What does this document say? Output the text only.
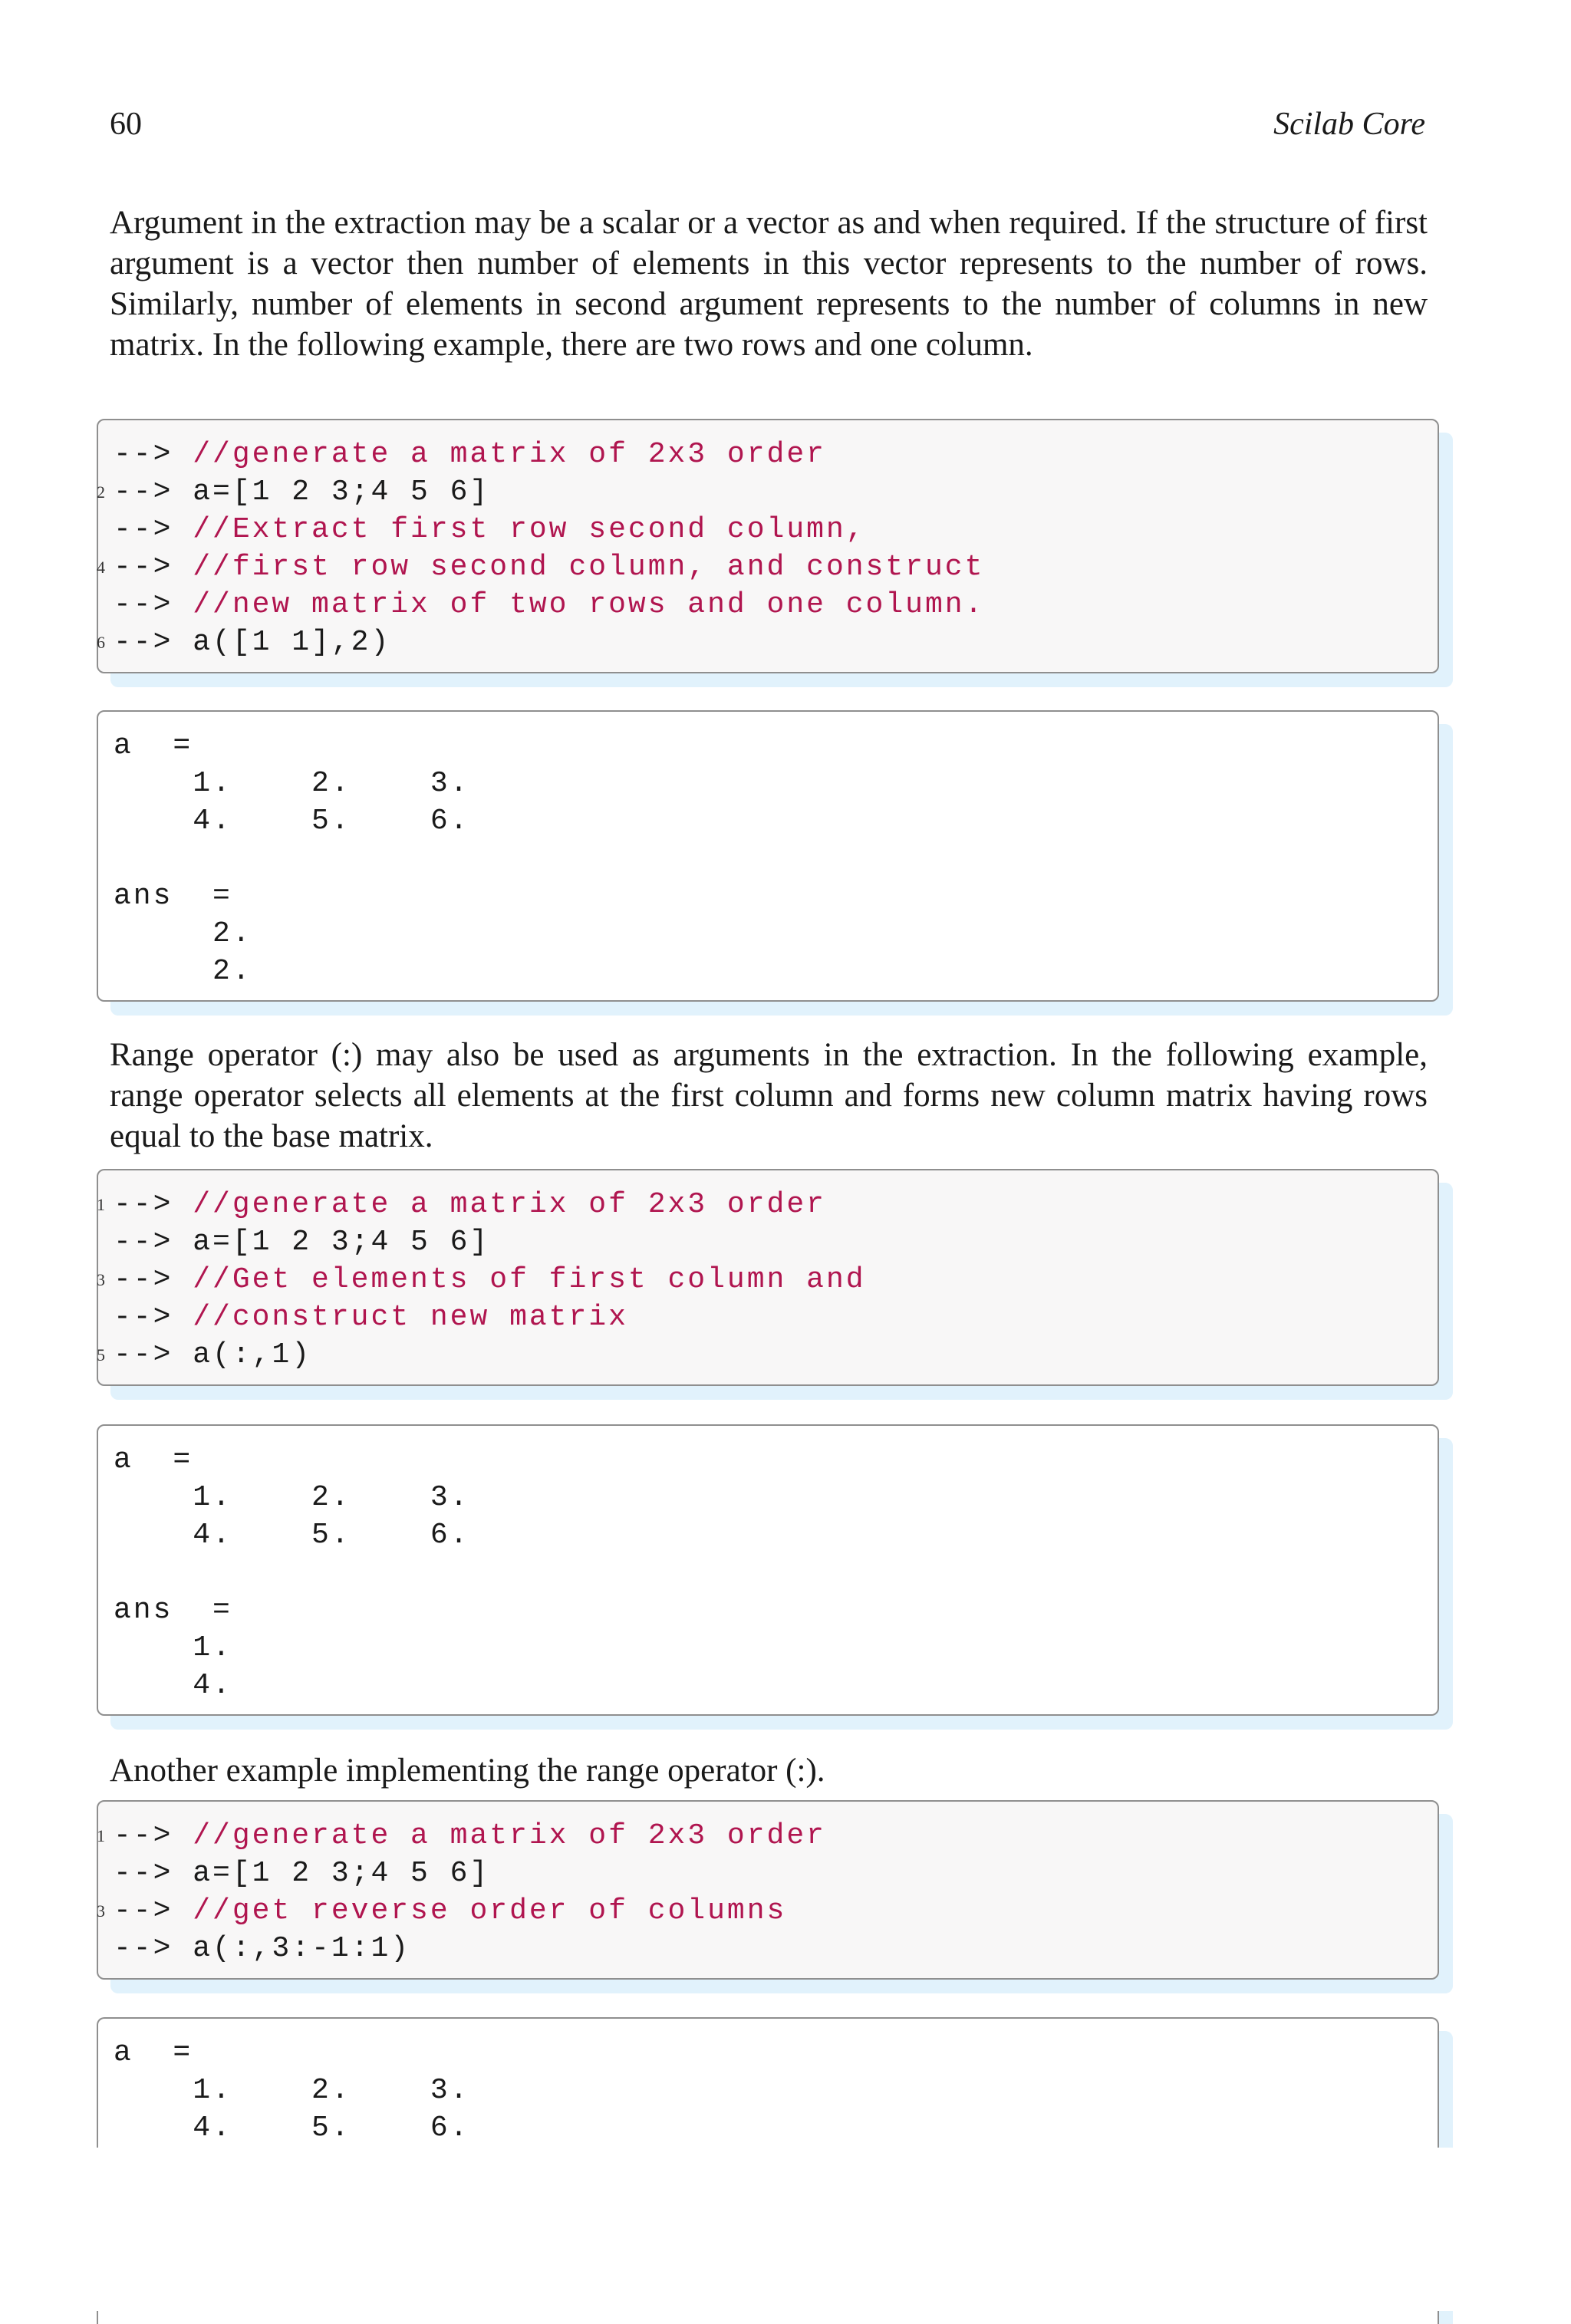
60	Scilab Core

Argument in the extraction may be a scalar or a vector as and when required. If the structure of first argument is a vector then number of elements in this vector represents to the number of rows. Similarly, number of elements in second argument represents to the number of columns in new matrix. In the following example, there are two rows and one column.

--> //generate a matrix of 2x3 order
2 --> a=[1 2 3;4 5 6]
--> //Extract first row second column,
4 --> //first row second column, and construct
--> //new matrix of two rows and one column.
6 --> a([1 1],2)
a  =
1.    2.    3.
4.    5.    6.
ans  =
2.
2.

Range operator (:) may also be used as arguments in the extraction. In the following example, range operator selects all elements at the first column and forms new column matrix having rows equal to the base matrix.

1 --> //generate a matrix of 2x3 order
--> a=[1 2 3;4 5 6]
3 --> //Get elements of first column and
--> //construct new matrix
5 --> a(:,1)
a  =
1.    2.    3.
4.    5.    6.
ans  =
1.
4.

Another example implementing the range operator (:).

1 --> //generate a matrix of 2x3 order
--> a=[1 2 3;4 5 6]
3 --> //get reverse order of columns
--> a(:,3:-1:1)
a  =
1.    2.    3.
4.    5.    6.
